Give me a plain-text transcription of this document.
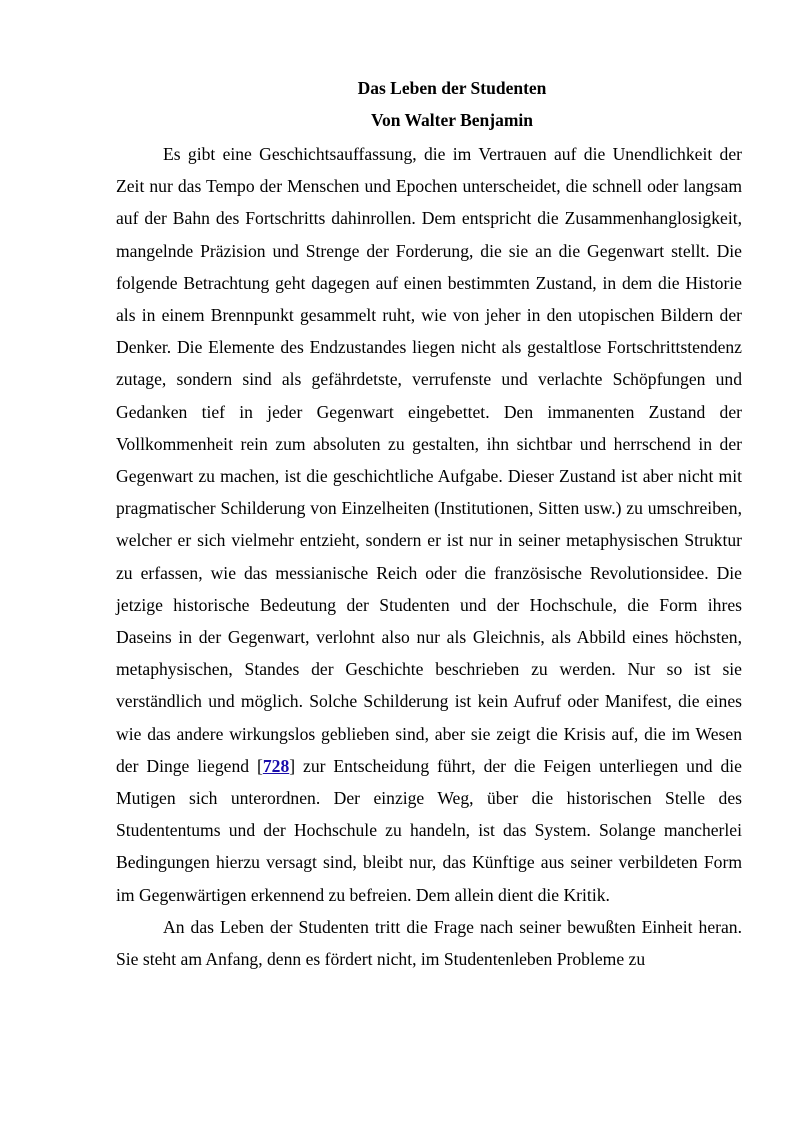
Das Leben der Studenten
Von Walter Benjamin

Es gibt eine Geschichtsauffassung, die im Vertrauen auf die Unendlichkeit der Zeit nur das Tempo der Menschen und Epochen unterscheidet, die schnell oder langsam auf der Bahn des Fortschritts dahinrollen. Dem entspricht die Zusammenhanglosigkeit, mangelnde Präzision und Strenge der Forderung, die sie an die Gegenwart stellt. Die folgende Betrachtung geht dagegen auf einen bestimmten Zustand, in dem die Historie als in einem Brennpunkt gesammelt ruht, wie von jeher in den utopischen Bildern der Denker. Die Elemente des Endzustandes liegen nicht als gestaltlose Fortschrittstendenz zutage, sondern sind als gefährdetste, verrufenste und verlachte Schöpfungen und Gedanken tief in jeder Gegenwart eingebettet. Den immanenten Zustand der Vollkommenheit rein zum absoluten zu gestalten, ihn sichtbar und herrschend in der Gegenwart zu machen, ist die geschichtliche Aufgabe. Dieser Zustand ist aber nicht mit pragmatischer Schilderung von Einzelheiten (Institutionen, Sitten usw.) zu umschreiben, welcher er sich vielmehr entzieht, sondern er ist nur in seiner metaphysischen Struktur zu erfassen, wie das messianische Reich oder die französische Revolutionsidee. Die jetzige historische Bedeutung der Studenten und der Hochschule, die Form ihres Daseins in der Gegenwart, verlohnt also nur als Gleichnis, als Abbild eines höchsten, metaphysischen, Standes der Geschichte beschrieben zu werden. Nur so ist sie verständlich und möglich. Solche Schilderung ist kein Aufruf oder Manifest, die eines wie das andere wirkungslos geblieben sind, aber sie zeigt die Krisis auf, die im Wesen der Dinge liegend [728] zur Entscheidung führt, der die Feigen unterliegen und die Mutigen sich unterordnen. Der einzige Weg, über die historischen Stelle des Studententums und der Hochschule zu handeln, ist das System. Solange mancherlei Bedingungen hierzu versagt sind, bleibt nur, das Künftige aus seiner verbildeten Form im Gegenwärtigen erkennend zu befreien. Dem allein dient die Kritik.

An das Leben der Studenten tritt die Frage nach seiner bewußten Einheit heran. Sie steht am Anfang, denn es fördert nicht, im Studentenleben Probleme zu
